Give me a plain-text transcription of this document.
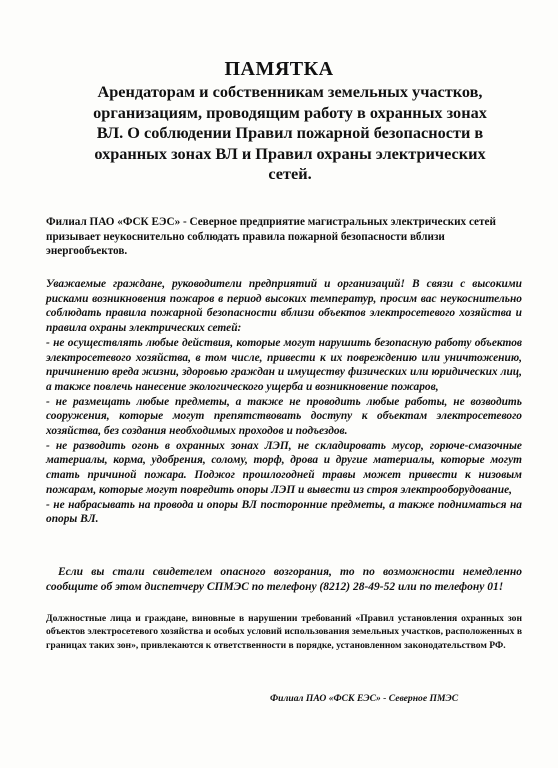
ПАМЯТКА
Арендаторам и собственникам земельных участков, организациям, проводящим работу в охранных зонах ВЛ. О соблюдении Правил пожарной безопасности в охранных зонах ВЛ и Правил охраны электрических сетей.
Филиал ПАО «ФСК ЕЭС» - Северное предприятие магистральных электрических сетей призывает неукоснительно соблюдать правила пожарной безопасности вблизи энергообъектов.

Уважаемые граждане, руководители предприятий и организаций! В связи с высокими рисками возникновения пожаров в период высоких температур, просим вас неукоснительно соблюдать правила пожарной безопасности вблизи объектов электросетевого хозяйства и правила охраны электрических сетей:

- не осуществлять любые действия, которые могут нарушить безопасную работу объектов электросетевого хозяйства, в том числе, привести к их повреждению или уничтожению, причинению вреда жизни, здоровью граждан и имуществу физических или юридических лиц, а также повлечь нанесение экологического ущерба и возникновение пожаров,

- не размещать любые предметы, а также не проводить любые работы, не возводить сооружения, которые могут препятствовать доступу к объектам электросетевого хозяйства, без создания необходимых проходов и подъездов.

- не разводить огонь в охранных зонах ЛЭП, не складировать мусор, горюче-смазочные материалы, корма, удобрения, солому, торф, дрова и другие материалы, которые могут стать причиной пожара. Поджог прошлогодней травы может привести к низовым пожарам, которые могут повредить опоры ЛЭП и вывести из строя электрооборудование,

- не набрасывать на провода и опоры ВЛ посторонние предметы, а также подниматься на опоры ВЛ.

Если вы стали свидетелем опасного возгорания, то по возможности немедленно сообщите об этом диспетчеру СПМЭС по телефону (8212) 28-49-52 или по телефону 01!
Должностные лица и граждане, виновные в нарушении требований «Правил установления охранных зон объектов электросетевого хозяйства и особых условий использования земельных участков, расположенных в границах таких зон», привлекаются к ответственности в порядке, установленном законодательством РФ.
Филиал ПАО «ФСК ЕЭС» - Северное ПМЭС
